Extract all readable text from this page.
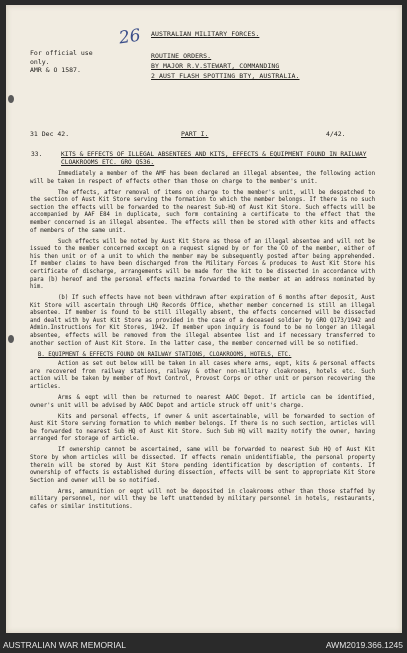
AUSTRALIAN MILITARY FORCES.
ROUTINE ORDERS.
BY MAJOR R.V.STEWART, COMMANDING
2 AUST FLASH SPOTTING BTY, AUSTRALIA.
26
For official use
only.
AMR & O 1587.
31 Dec 42.	PART I.	4/42.
33.	KITS & EFFECTS OF ILLEGAL ABSENTEES AND KITS, EFFECTS & EQUIPMENT FOUND IN RAILWAY CLOAKROOMS ETC. GRO Q536.

Immediately a member of the AMF has been declared an illegal absentee, the following action will be taken in respect of effects other than those on charge to the member's unit.

The effects, after removal of items on charge to the member's unit, will be despatched to the section of Aust Kit Store serving the formation to which the member belongs. If there is no such section the effects will be forwarded to the nearest Sub-HQ of Aust Kit Store. Such effects will be accompanied by AAF E84 in duplicate, such form containing a certificate to the effect that the member concerned is an illegal absentee. The effects will then be stored with other kits and effects of members of the same unit.

Such effects will be noted by Aust Kit Store as those of an illegal absentee and will not be issued to the member concerned except on a request signed by or for the CO of the member, either of his then unit or of a unit to which the member may be subsequently posted after being apprehended. If member claims to have been discharged from the Military Forces & produces to Aust Kit Store his certificate of discharge, arrangements will be made for the kit to be dissected in accordance with para (b) hereof and the personal effects mazina forwarded to the member at an address nominated by him.

(b) If such effects have not been withdrawn after expiration of 6 months after deposit, Aust Kit Store will ascertain through LHQ Records Office, whether member concerned is still an illegal absentee. If member is found to be still illegally absent, the effects concerned will be dissected and dealt with by Aust Kit Store as provided in the case of a deceased soldier by GRO Q173/1942 and Admin.Instructions for Kit Stores, 1942. If member upon inquiry is found to be no longer an illegal absentee, effects will be removed from the illegal absentee list and if necessary transferred to another section of Aust Kit Store. In the latter case, the member concerned will be so notified.

B. EQUIPMENT & EFFECTS FOUND ON RAILWAY STATIONS, CLOAKROOMS, HOTELS, ETC.

Action as set out below will be taken in all cases where arms, eqpt, kits & personal effects are recovered from railway stations, railway & other non-military cloakrooms, hotels etc. Such action will be taken by member of Movt Control, Provost Corps or other unit or person recovering the articles.

Arms & eqpt will then be returned to nearest AAOC Depot. If article can be identified, owner's unit will be advised by AAOC Depot and article struck off unit's charge.

Kits and personal effects, if owner & unit ascertainable, will be forwarded to section of Aust Kit Store serving formation to which member belongs. If there is no such section, articles will be forwarded to nearest Sub HQ of Aust Kit Store. Such Sub HQ will mazity notify the owner, having arranged for storage of article.

If ownership cannot be ascertained, same will be forwarded to nearest Sub HQ of Aust Kit Store by whom articles will be dissected. If effects remain unidentifiable, the personal property therein will be stored by Aust Kit Store pending identification by description of contents. If ownership of effects is established during dissection, effects will be sent to appropriate Kit Store Section and owner will be so notified.

Arms, ammunition or eqpt will not be deposited in cloakrooms other than those staffed by military personnel, nor will they be left unattended by military personnel in hotels, restaurants, cafes or similar institutions.

AUSTRALIAN WAR MEMORIAL	AWM2019.366.1245
